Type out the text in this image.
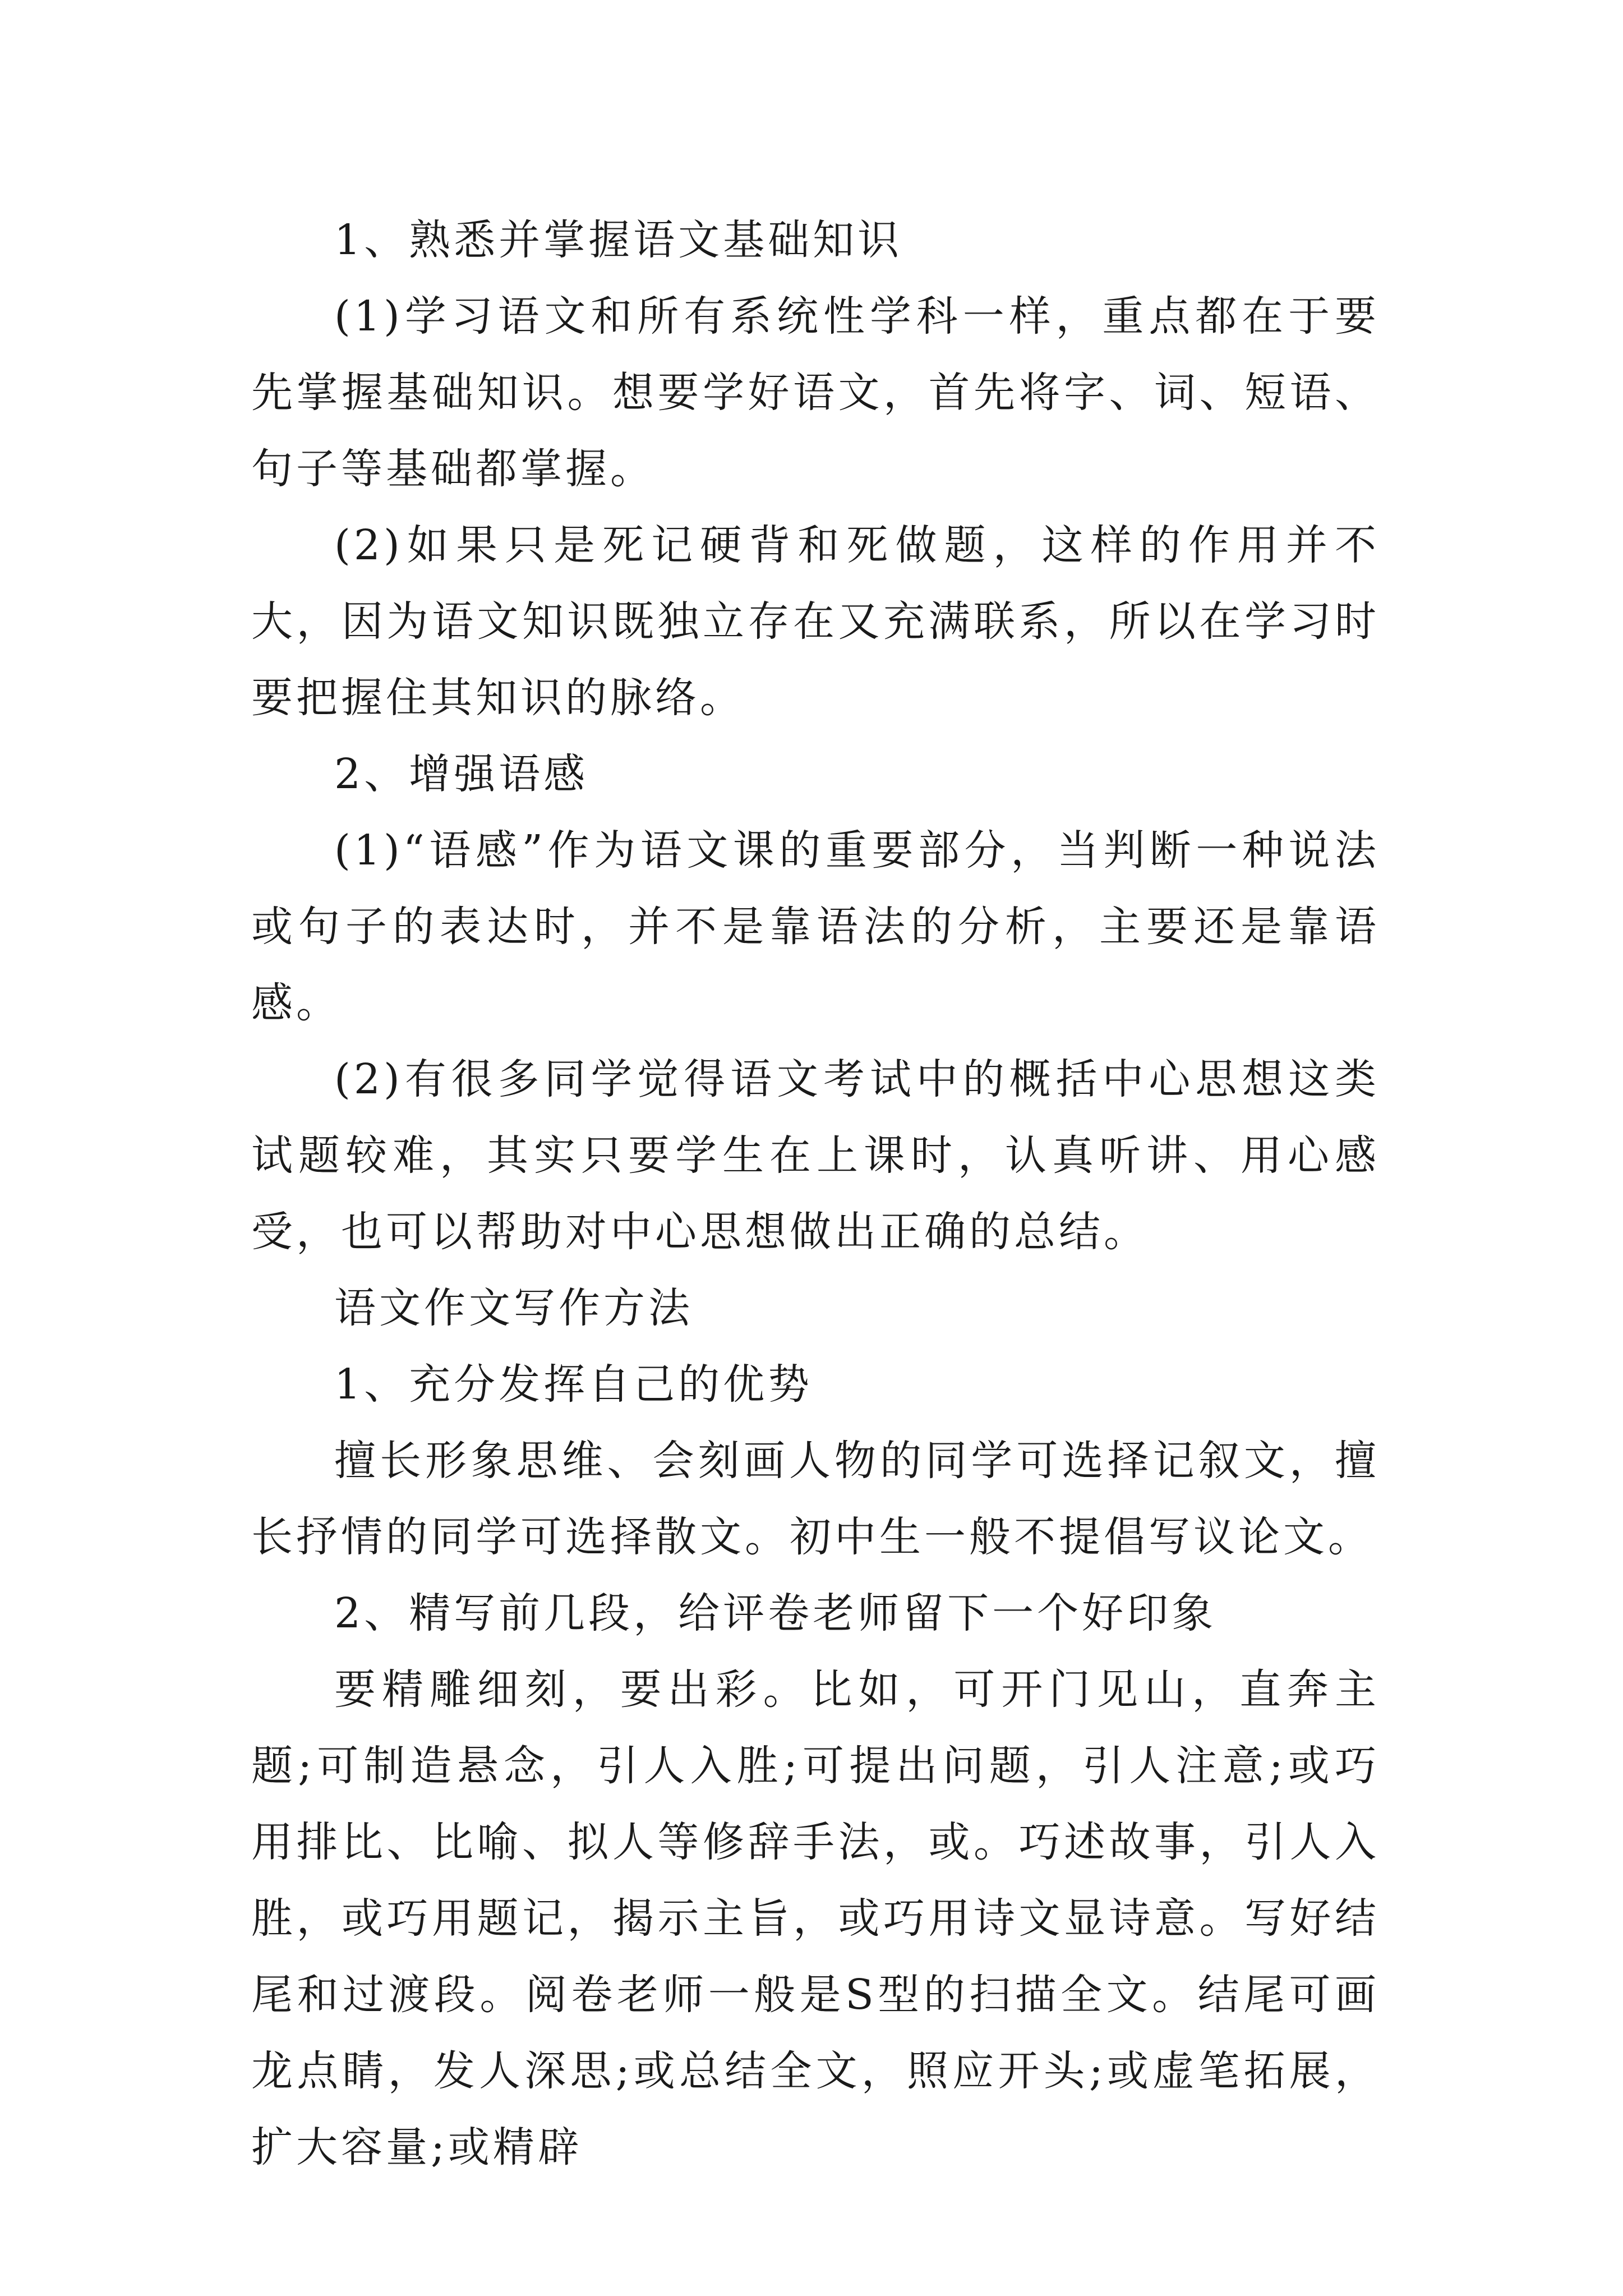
1、熟悉并掌握语文基础知识

(1)学习语文和所有系统性学科一样，重点都在于要先掌握基础知识。想要学好语文，首先将字、词、短语、句子等基础都掌握。

(2)如果只是死记硬背和死做题，这样的作用并不大，因为语文知识既独立存在又充满联系，所以在学习时要把握住其知识的脉络。

2、增强语感

(1)“语感”作为语文课的重要部分，当判断一种说法或句子的表达时，并不是靠语法的分析，主要还是靠语感。

(2)有很多同学觉得语文考试中的概括中心思想这类试题较难，其实只要学生在上课时，认真听讲、用心感受，也可以帮助对中心思想做出正确的总结。

语文作文写作方法

1、充分发挥自己的优势

擅长形象思维、会刻画人物的同学可选择记叙文，擅长抒情的同学可选择散文。初中生一般不提倡写议论文。

2、精写前几段，给评卷老师留下一个好印象

要精雕细刻，要出彩。比如，可开门见山，直奔主题;可制造悬念，引人入胜;可提出问题，引人注意;或巧用排比、比喻、拟人等修辞手法，或。巧述故事，引人入胜，或巧用题记，揭示主旨，或巧用诗文显诗意。写好结尾和过渡段。阅卷老师一般是S型的扫描全文。结尾可画龙点睛，发人深思;或总结全文，照应开头;或虚笔拓展，扩大容量;或精辟
